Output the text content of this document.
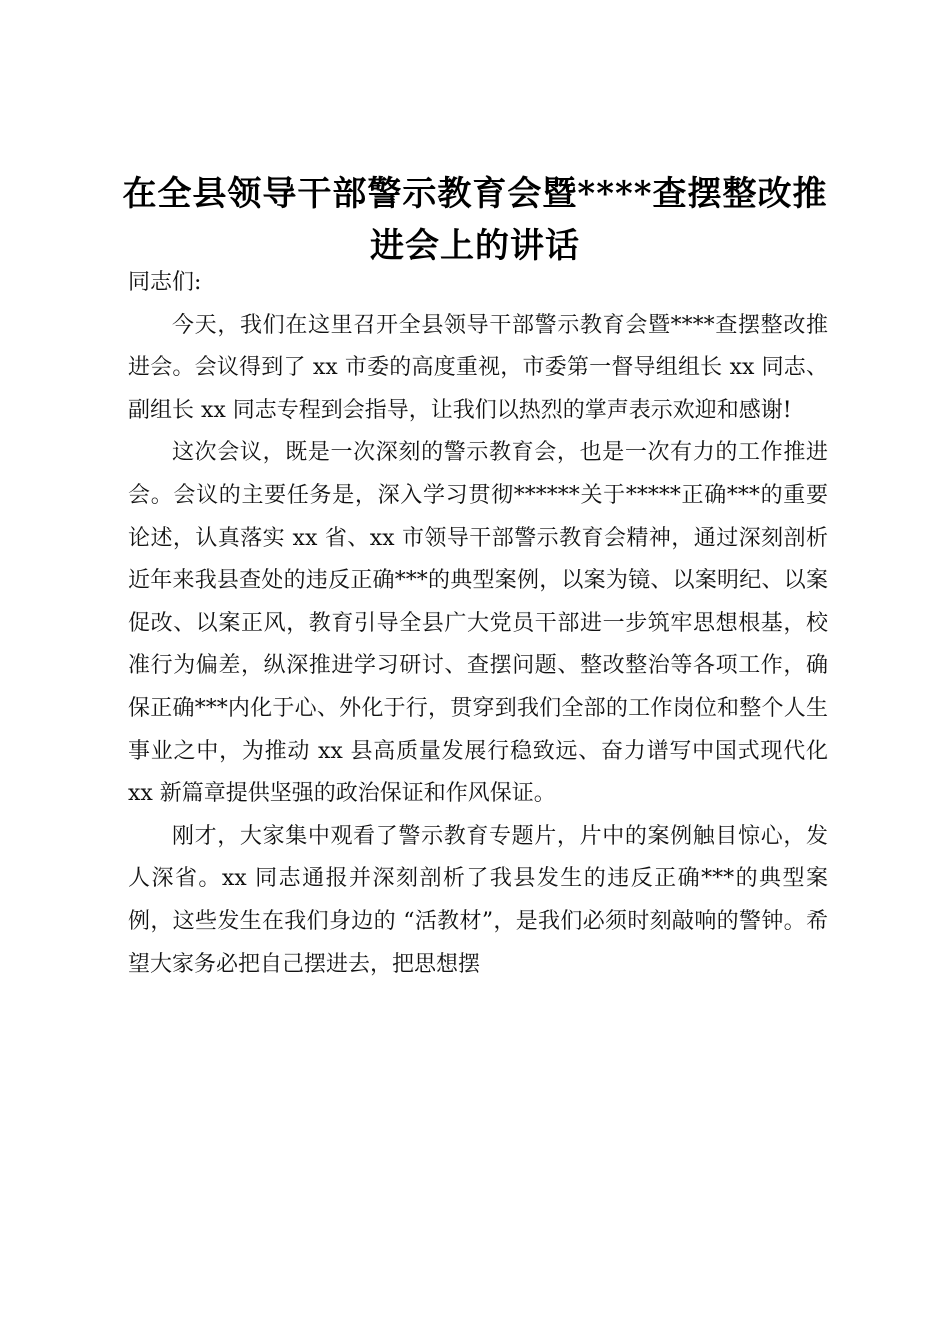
在全县领导干部警示教育会暨****查摆整改推进会上的讲话

同志们:

今天，我们在这里召开全县领导干部警示教育会暨****查摆整改推进会。会议得到了 xx 市委的高度重视，市委第一督导组组长 xx 同志、副组长 xx 同志专程到会指导，让我们以热烈的掌声表示欢迎和感谢!

这次会议，既是一次深刻的警示教育会，也是一次有力的工作推进会。会议的主要任务是，深入学习贯彻******关于*****正确***的重要论述，认真落实 xx 省、xx 市领导干部警示教育会精神，通过深刻剖析近年来我县查处的违反正确***的典型案例，以案为镜、以案明纪、以案促改、以案正风，教育引导全县广大党员干部进一步筑牢思想根基，校准行为偏差，纵深推进学习研讨、查摆问题、整改整治等各项工作，确保正确***内化于心、外化于行，贯穿到我们全部的工作岗位和整个人生事业之中，为推动 xx 县高质量发展行稳致远、奋力谱写中国式现代化 xx 新篇章提供坚强的政治保证和作风保证。

刚才，大家集中观看了警示教育专题片，片中的案例触目惊心，发人深省。xx 同志通报并深刻剖析了我县发生的违反正确***的典型案例，这些发生在我们身边的 “活教材”，是我们必须时刻敲响的警钟。希望大家务必把自己摆进去，把思想摆
